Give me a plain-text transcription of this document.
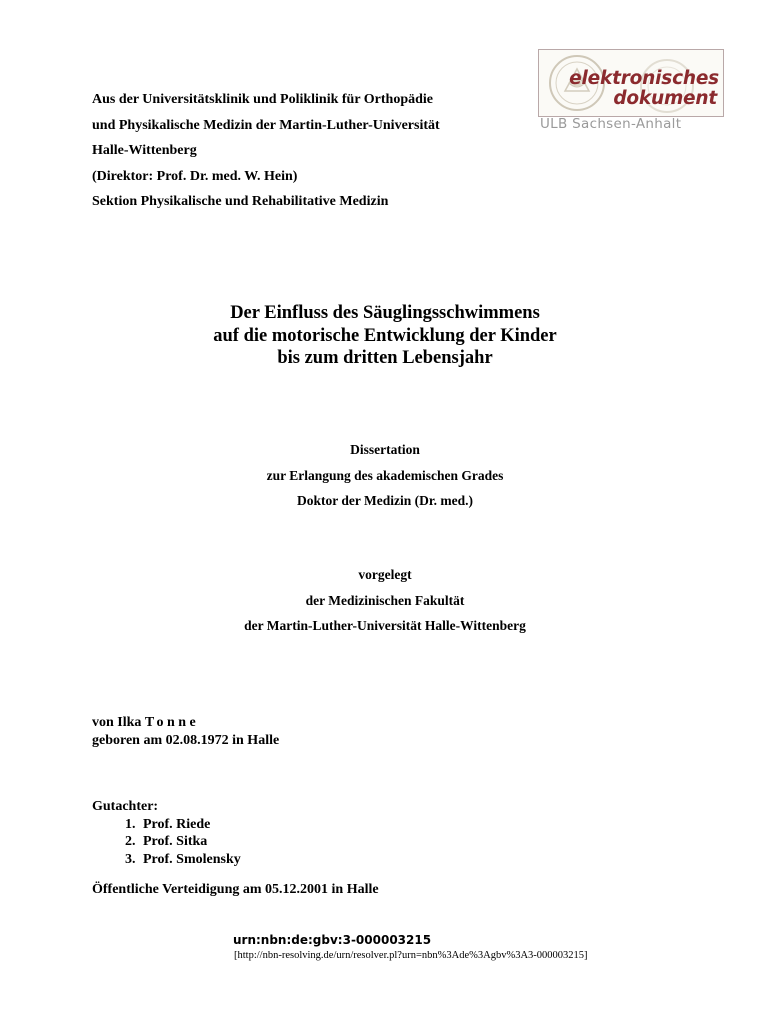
Aus der Universitätsklinik und Poliklinik für Orthopädie
und Physikalische Medizin der Martin-Luther-Universität
Halle-Wittenberg
(Direktor: Prof. Dr. med. W. Hein)
Sektion Physikalische und Rehabilitative Medizin
elektronisches
dokument
ULB Sachsen-Anhalt
Der Einfluss des Säuglingsschwimmens
auf die motorische Entwicklung der Kinder
bis zum dritten Lebensjahr
Dissertation
zur Erlangung des akademischen Grades
Doktor der Medizin (Dr. med.)
vorgelegt
der Medizinischen Fakultät
der Martin-Luther-Universität Halle-Wittenberg
von Ilka Tonne
geboren am 02.08.1972 in Halle
Gutachter:
1. Prof. Riede
2. Prof. Sitka
3. Prof. Smolensky
Öffentliche Verteidigung am 05.12.2001 in Halle
urn:nbn:de:gbv:3-000003215
[http://nbn-resolving.de/urn/resolver.pl?urn=nbn%3Ade%3Agbv%3A3-000003215]
